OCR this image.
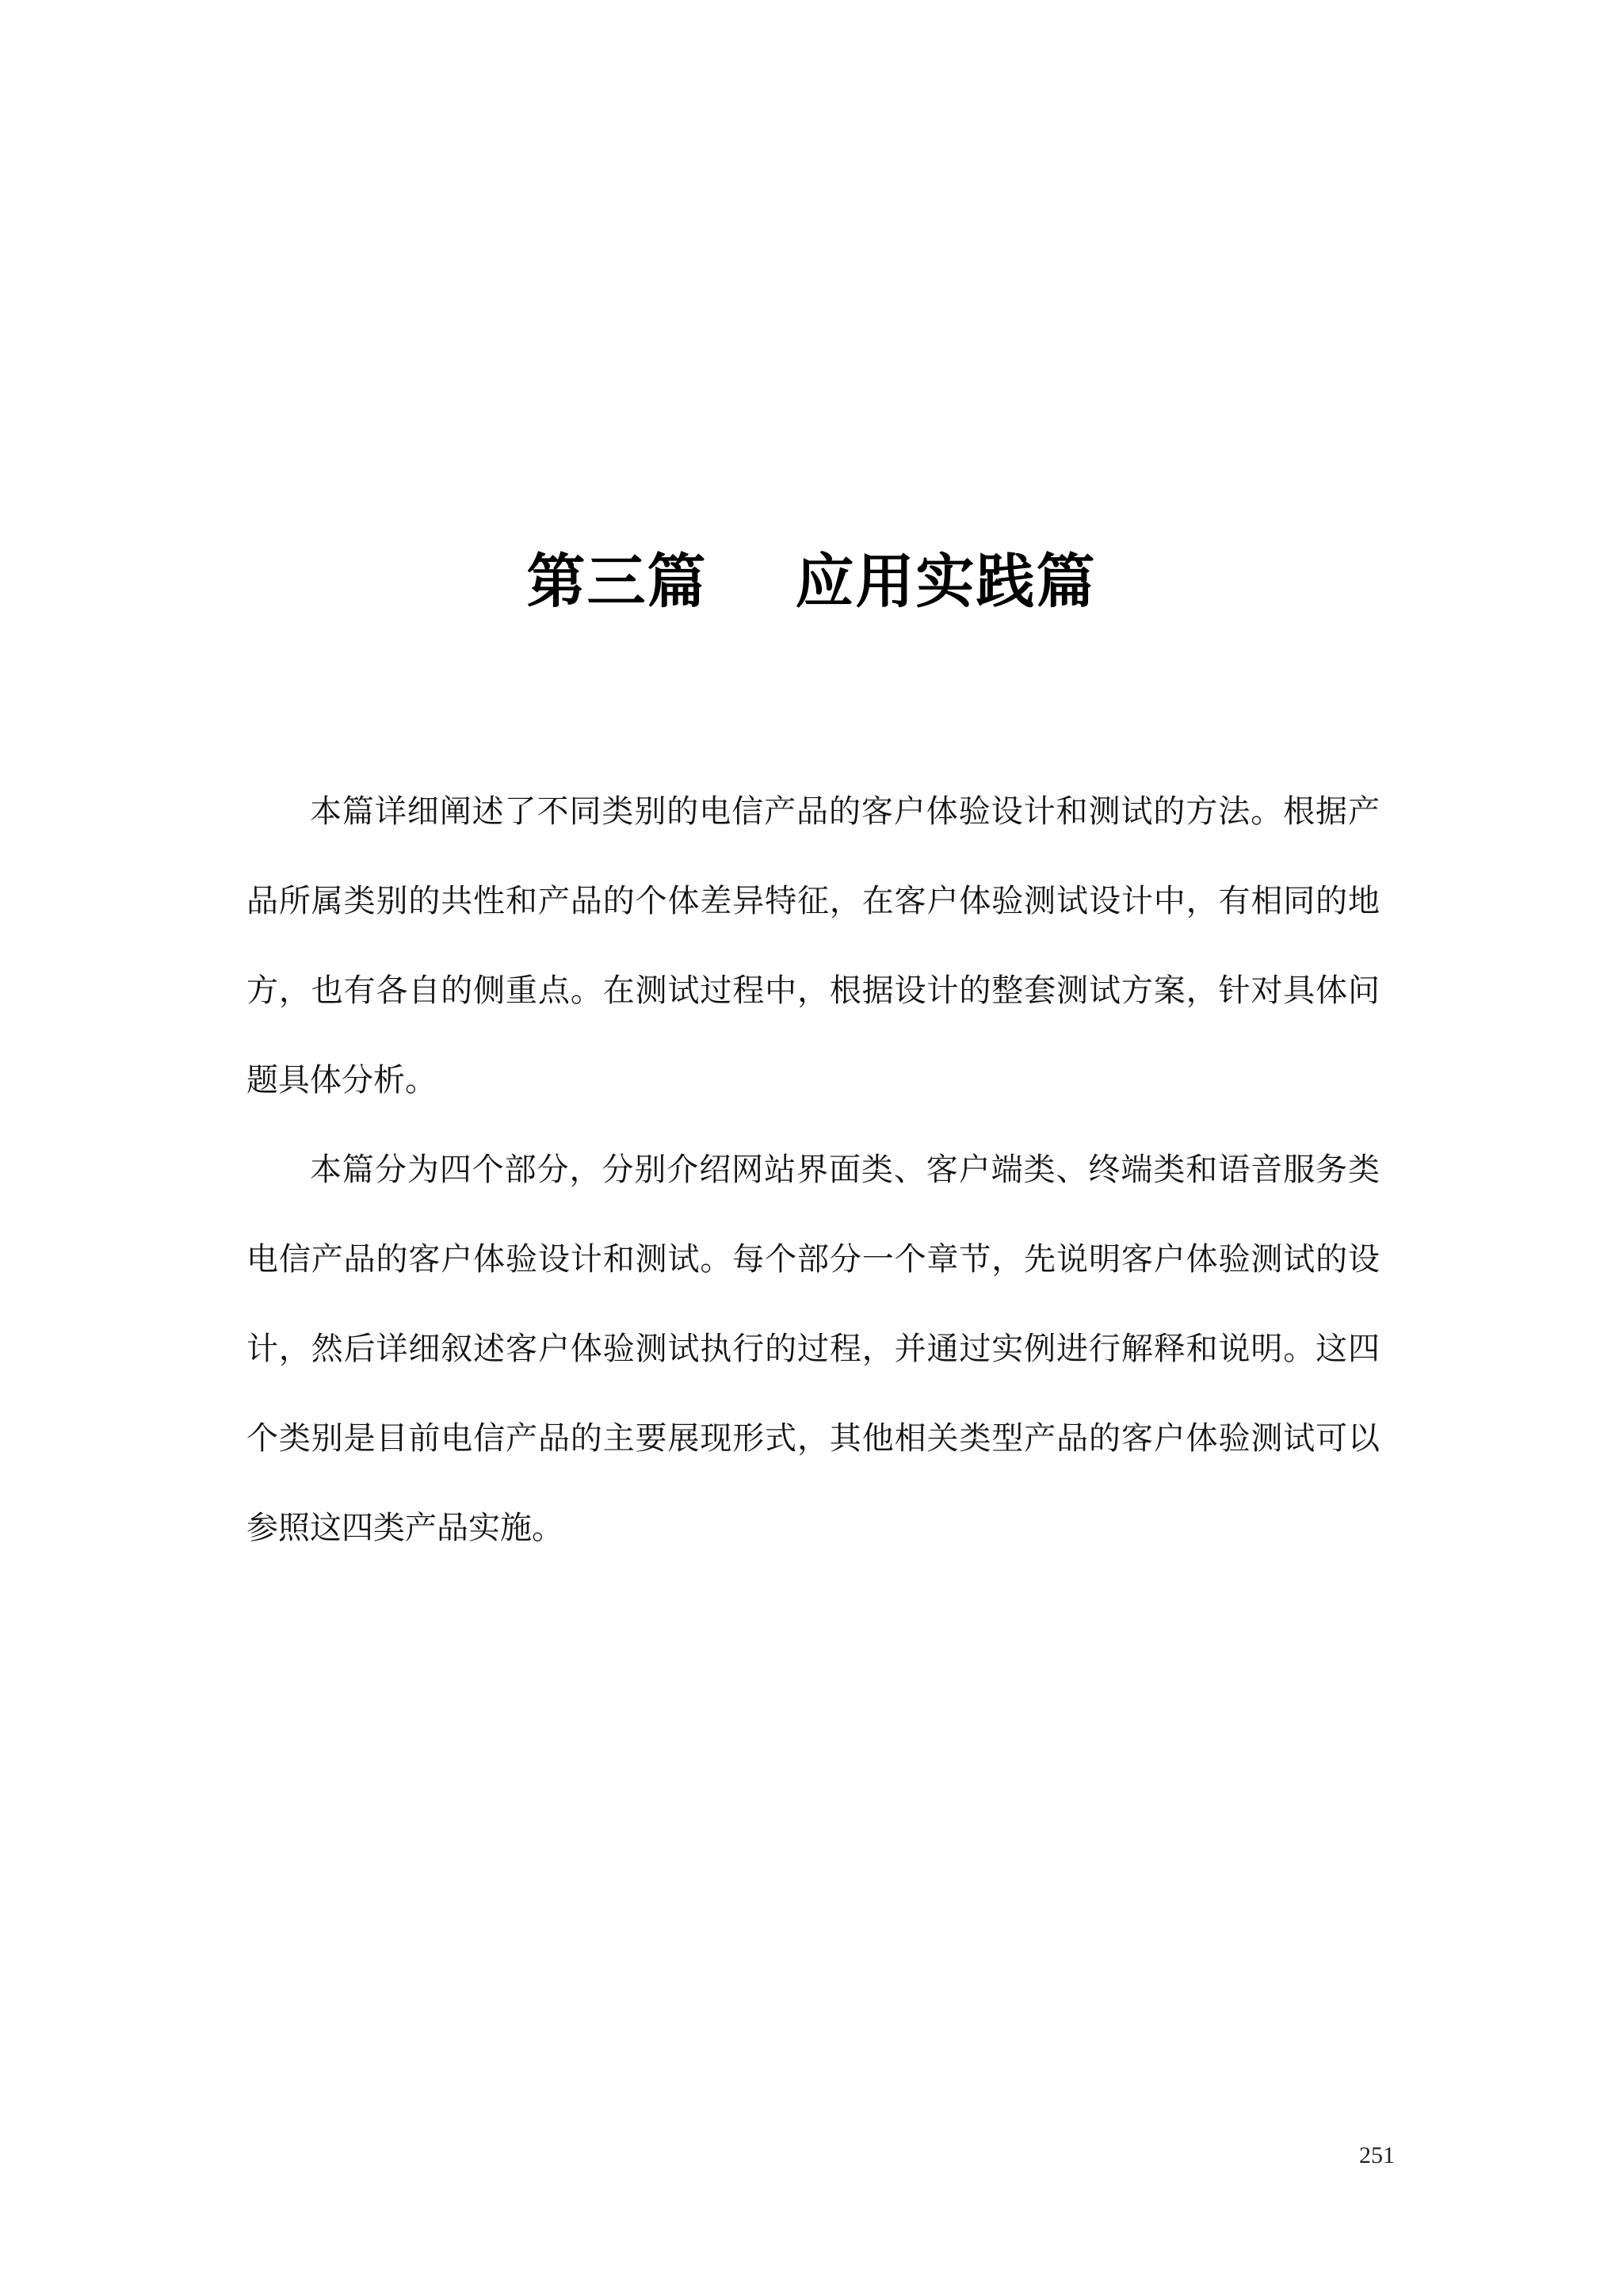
第三篇    应用实践篇

本篇详细阐述了不同类别的电信产品的客户体验设计和测试的方法。根据产品所属类别的共性和产品的个体差异特征，在客户体验测试设计中，有相同的地方，也有各自的侧重点。在测试过程中，根据设计的整套测试方案，针对具体问题具体分析。

本篇分为四个部分，分别介绍网站界面类、客户端类、终端类和语音服务类电信产品的客户体验设计和测试。每个部分一个章节，先说明客户体验测试的设计，然后详细叙述客户体验测试执行的过程，并通过实例进行解释和说明。这四个类别是目前电信产品的主要展现形式，其他相关类型产品的客户体验测试可以参照这四类产品实施。

251
